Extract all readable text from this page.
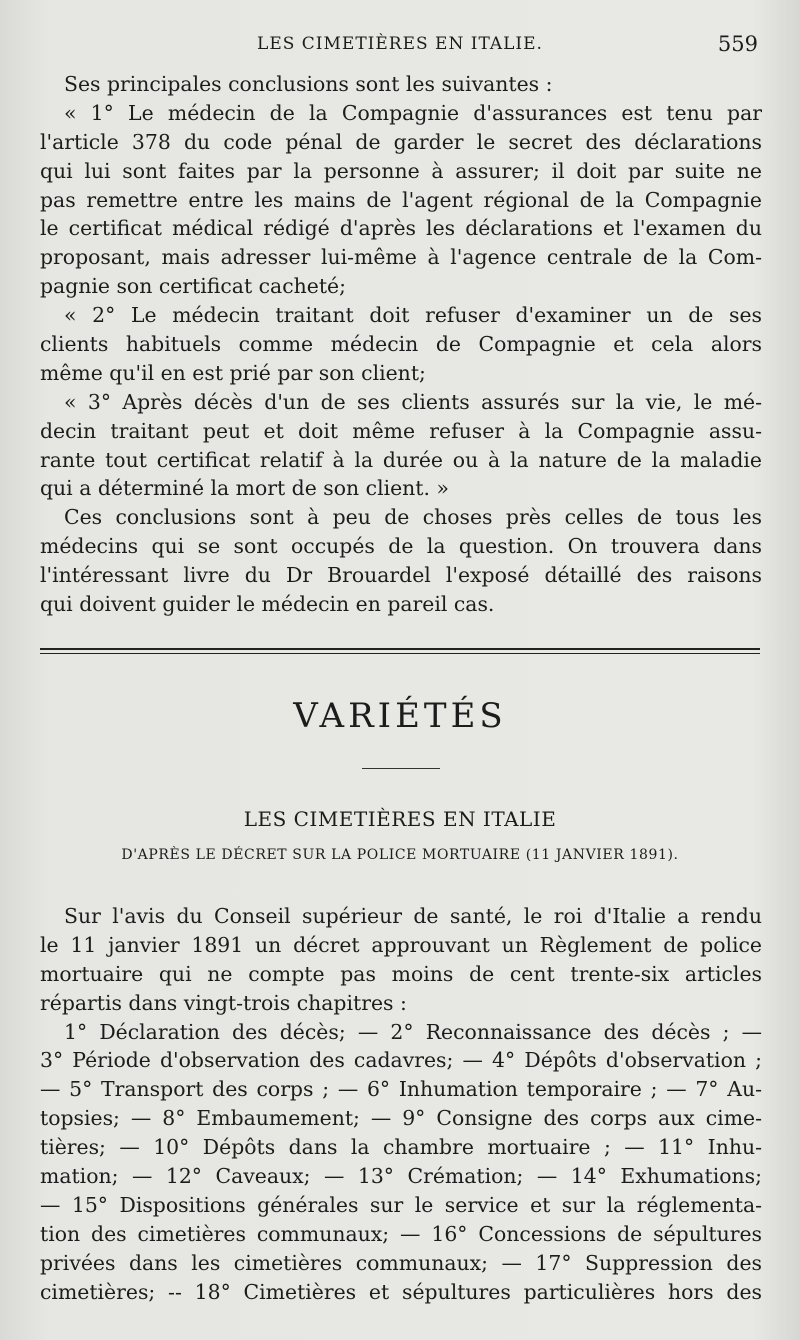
LES CIMETIÈRES EN ITALIE.	559
Ses principales conclusions sont les suivantes :
« 1° Le médecin de la Compagnie d'assurances est tenu par
l'article 378 du code pénal de garder le secret des déclarations
qui lui sont faites par la personne à assurer; il doit par suite ne
pas remettre entre les mains de l'agent régional de la Compagnie
le certificat médical rédigé d'après les déclarations et l'examen du
proposant, mais adresser lui-même à l'agence centrale de la Com-
pagnie son certificat cacheté;
« 2° Le médecin traitant doit refuser d'examiner un de ses
clients habituels comme médecin de Compagnie et cela alors
même qu'il en est prié par son client;
« 3° Après décès d'un de ses clients assurés sur la vie, le mé-
decin traitant peut et doit même refuser à la Compagnie assu-
rante tout certificat relatif à la durée ou à la nature de la maladie
qui a déterminé la mort de son client. »
Ces conclusions sont à peu de choses près celles de tous les
médecins qui se sont occupés de la question. On trouvera dans
l'intéressant livre du Dr Brouardel l'exposé détaillé des raisons
qui doivent guider le médecin en pareil cas.
VARIÉTÉS
LES CIMETIÈRES EN ITALIE
D'APRÈS LE DÉCRET SUR LA POLICE MORTUAIRE (11 JANVIER 1891).
Sur l'avis du Conseil supérieur de santé, le roi d'Italie a rendu
le 11 janvier 1891 un décret approuvant un Règlement de police
mortuaire qui ne compte pas moins de cent trente-six articles
répartis dans vingt-trois chapitres :
1° Déclaration des décès; — 2° Reconnaissance des décès ; —
3° Période d'observation des cadavres; — 4° Dépôts d'observation ;
— 5° Transport des corps ; — 6° Inhumation temporaire ; — 7° Au-
topsies; — 8° Embaumement; — 9° Consigne des corps aux cime-
tières; — 10° Dépôts dans la chambre mortuaire ; — 11° Inhu-
mation; — 12° Caveaux; — 13° Crémation; — 14° Exhumations;
— 15° Dispositions générales sur le service et sur la réglementa-
tion des cimetières communaux; — 16° Concessions de sépultures
privées dans les cimetières communaux; — 17° Suppression des
cimetières; -- 18° Cimetières et sépultures particulières hors des
